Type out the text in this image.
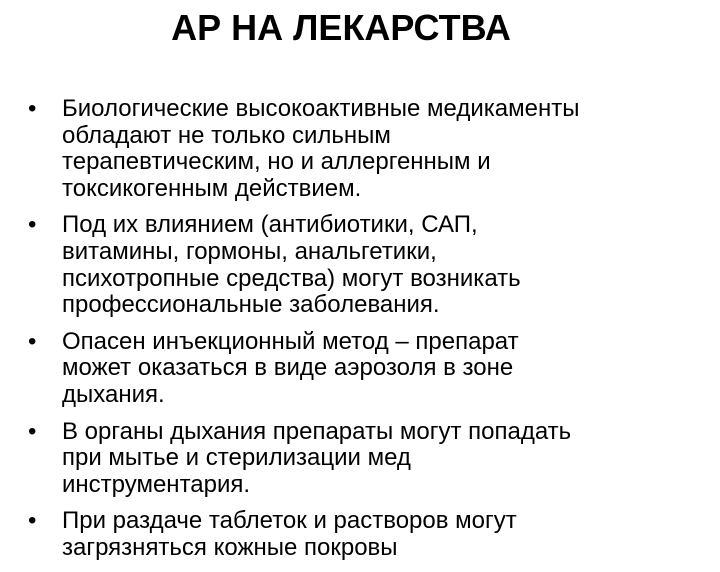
АР НА ЛЕКАРСТВА
• Биологические высокоактивные медикаменты
обладают не только сильным
терапевтическим, но и аллергенным и
токсикогенным действием.
• Под их влиянием (антибиотики, САП,
витамины, гормоны, анальгетики,
психотропные средства) могут возникать
профессиональные заболевания.
• Опасен инъекционный метод – препарат
может оказаться в виде аэрозоля в зоне
дыхания.
• В органы дыхания препараты могут попадать
при мытье и стерилизации мед
инструментария.
• При раздаче таблеток и растворов могут
загрязняться кожные покровы
